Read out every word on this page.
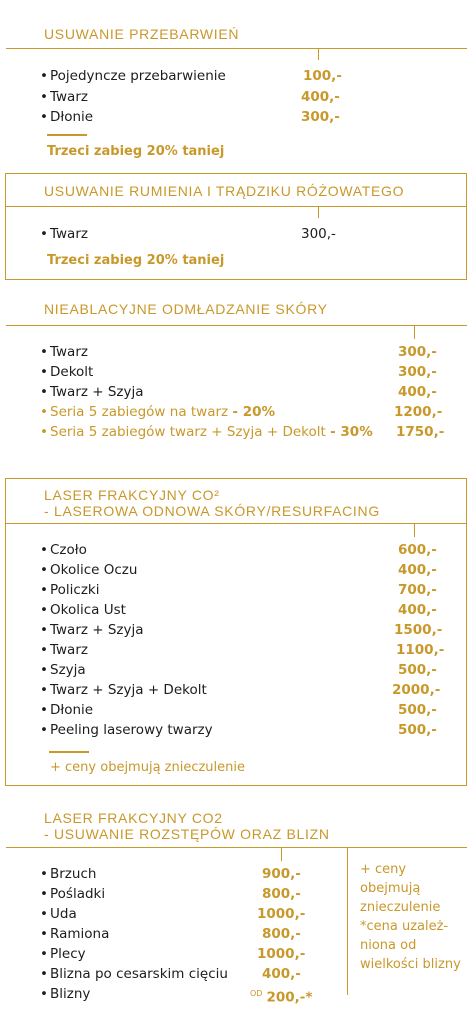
USUWANIE PRZEBARWIEŃ
• Pojedyncze przebarwienie	100,-
• Twarz	400,-
• Dłonie	300,-
Trzeci zabieg 20% taniej
USUWANIE RUMIENIA I TRĄDZIKU RÓŻOWATEGO
• Twarz	300,-
Trzeci zabieg 20% taniej
NIEABLACYJNE ODMŁADZANIE SKÓRY
• Twarz	300,-
• Dekolt	300,-
• Twarz + Szyja	400,-
• Seria 5 zabiegów na twarz - 20%	1200,-
• Seria 5 zabiegów twarz + Szyja + Dekolt - 30% 1750,-
LASER FRAKCYJNY CO²
- LASEROWA ODNOWA SKÓRY/RESURFACING
• Czoło	600,-
• Okolice Oczu	400,-
• Policzki	700,-
• Okolica Ust	400,-
• Twarz + Szyja	1500,-
• Twarz	1100,-
• Szyja	500,-
• Twarz + Szyja + Dekolt	2000,-
• Dłonie	500,-
• Peeling laserowy twarzy	500,-
+ ceny obejmują znieczulenie
LASER FRAKCYJNY CO2
- USUWANIE ROZSTĘPÓW ORAZ BLIZN
• Brzuch	900,-
• Pośladki	800,-
• Uda	1000,-
• Ramiona	800,-
• Plecy	1000,-
• Blizna po cesarskim cięciu	400,-
• Blizny	$^{OD}$ 200,-*
+ ceny
obejmują
znieczulenie
*cena uzależ-
niona od
wielkości blizny
